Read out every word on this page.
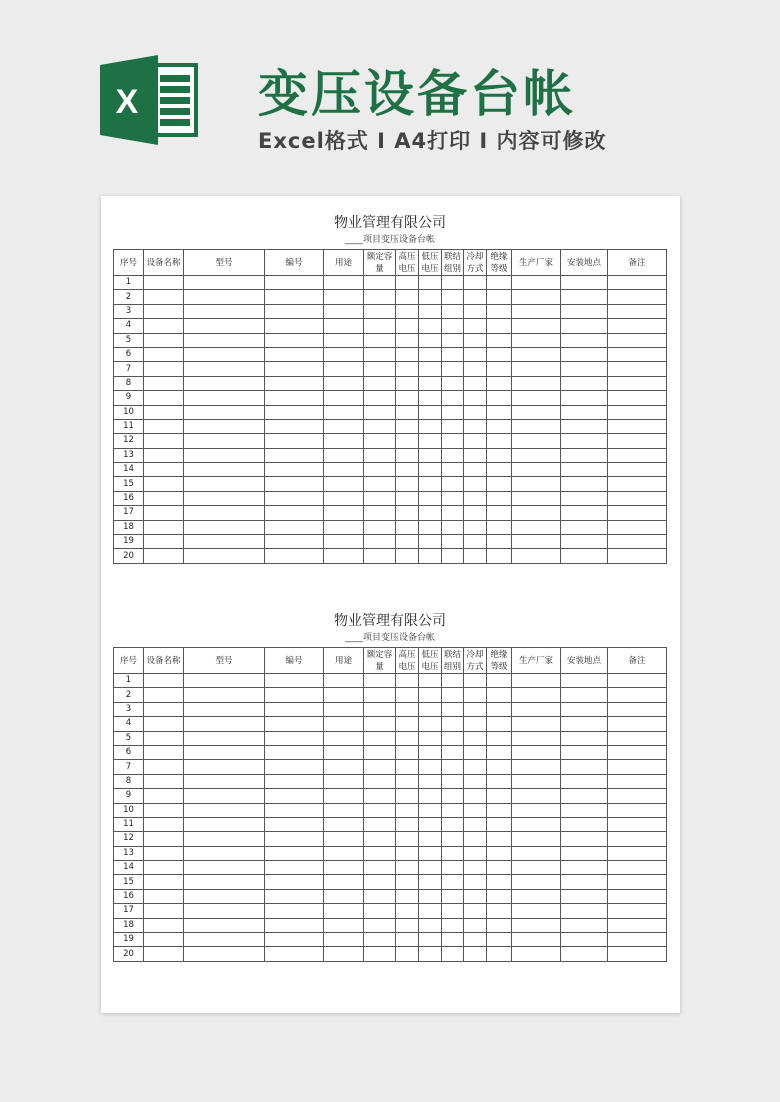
X 变压设备台帐
Excel格式 I A4打印 I 内容可修改
物业管理有限公司
____项目变压设备台帐
序号	设备名称	型号	编号	用途	额定容量	高压电压	低压电压	联结组别	冷却方式	绝缘等级	生产厂家	安装地点	备注
1													
2													
3													
4													
5													
6													
7													
8													
9													
10													
11													
12													
13													
14													
15													
16													
17													
18													
19													
20													
物业管理有限公司
____项目变压设备台帐
序号	设备名称	型号	编号	用途	额定容量	高压电压	低压电压	联结组别	冷却方式	绝缘等级	生产厂家	安装地点	备注
1													
2													
3													
4													
5													
6													
7													
8													
9													
10													
11													
12													
13													
14													
15													
16													
17													
18													
19													
20													
